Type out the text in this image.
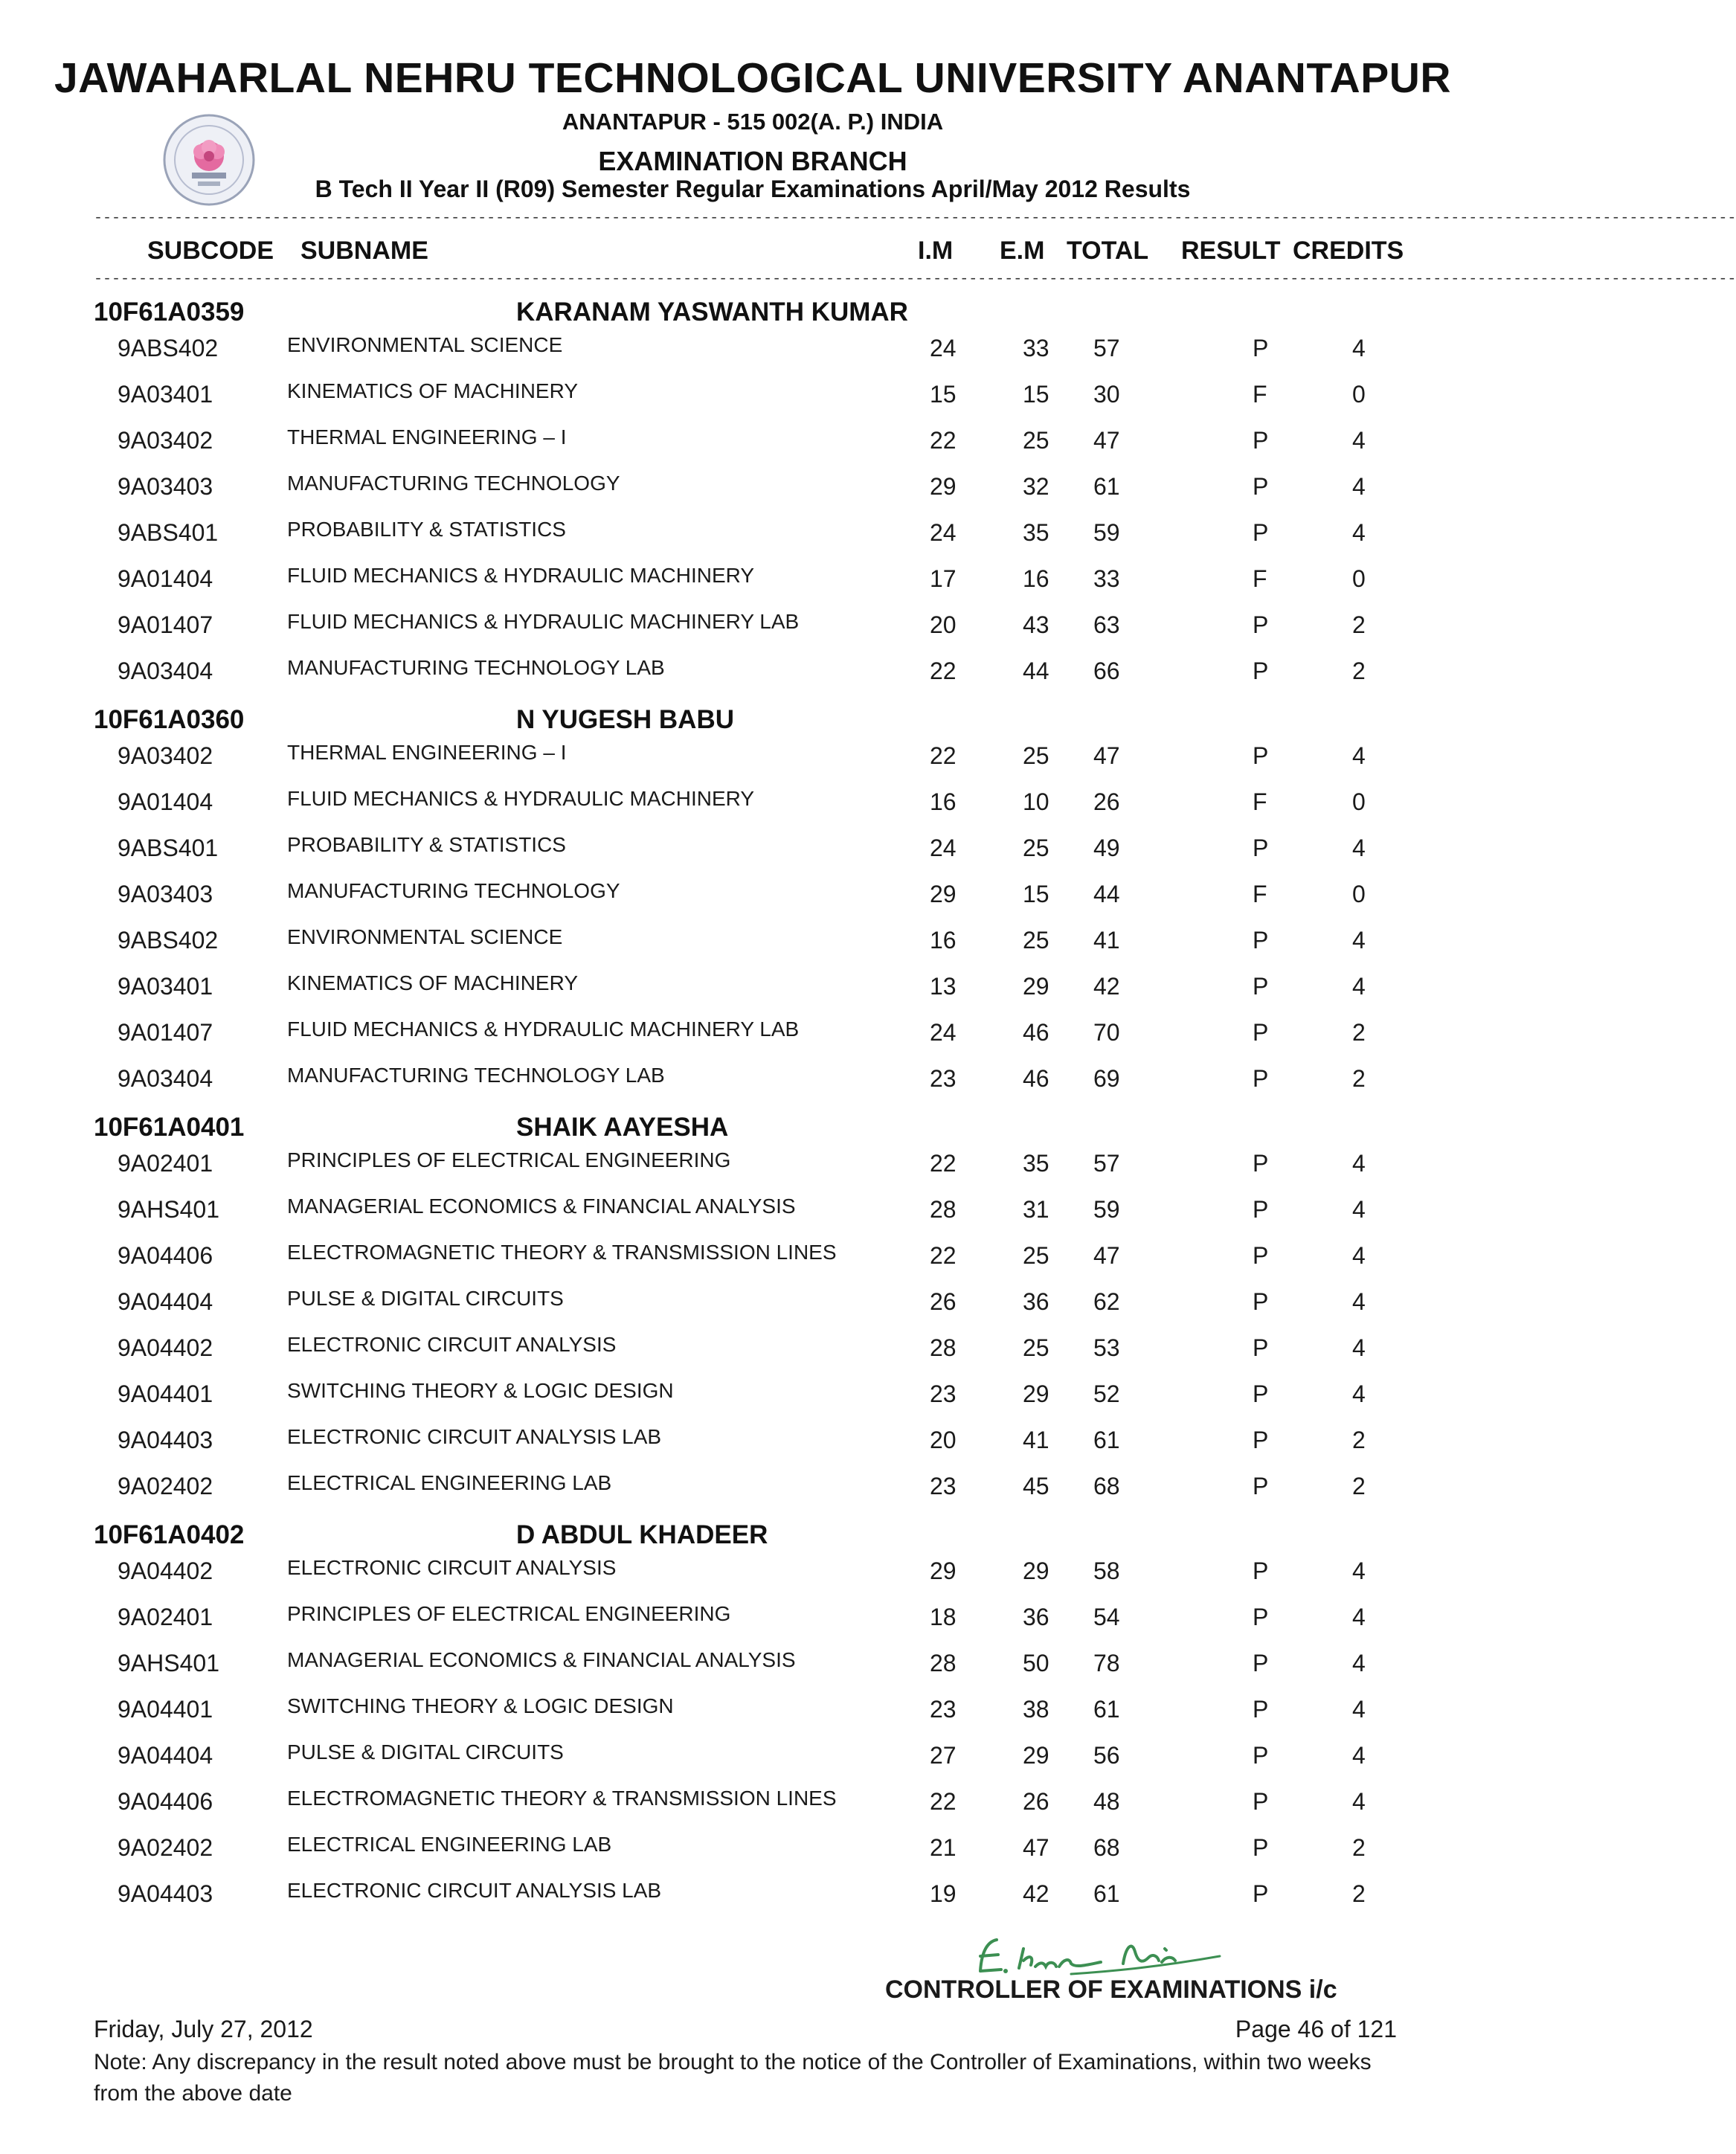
JAWAHARLAL NEHRU TECHNOLOGICAL UNIVERSITY ANANTAPUR
ANANTAPUR - 515 002(A. P.) INDIA
EXAMINATION BRANCH
B Tech II Year II (R09) Semester Regular Examinations April/May 2012 Results
----------------------------------------------------------------------------------------------------------------------------------------------------------------------------------------
SUBCODE SUBNAME	I.M E.M TOTAL RESULT CREDITS
----------------------------------------------------------------------------------------------------------------------------------------------------------------------------------------
10F61A0359	KARANAM YASWANTH KUMAR
9ABS402	ENVIRONMENTAL SCIENCE	24	33 57	P	4
9A03401	KINEMATICS OF MACHINERY	15	15 30	F	0
9A03402	THERMAL ENGINEERING – I	22	25 47	P	4
9A03403	MANUFACTURING TECHNOLOGY	29	32 61	P	4
9ABS401	PROBABILITY & STATISTICS	24	35 59	P	4
9A01404	FLUID MECHANICS & HYDRAULIC MACHINERY	17	16 33	F	0
9A01407	FLUID MECHANICS & HYDRAULIC MACHINERY LAB	20	43 63	P	2
9A03404	MANUFACTURING TECHNOLOGY LAB	22	44 66	P	2
10F61A0360	N YUGESH BABU
9A03402	THERMAL ENGINEERING – I	22	25 47	P	4
9A01404	FLUID MECHANICS & HYDRAULIC MACHINERY	16	10 26	F	0
9ABS401	PROBABILITY & STATISTICS	24	25 49	P	4
9A03403	MANUFACTURING TECHNOLOGY	29	15 44	F	0
9ABS402	ENVIRONMENTAL SCIENCE	16	25 41	P	4
9A03401	KINEMATICS OF MACHINERY	13	29 42	P	4
9A01407	FLUID MECHANICS & HYDRAULIC MACHINERY LAB	24	46 70	P	2
9A03404	MANUFACTURING TECHNOLOGY LAB	23	46 69	P	2
10F61A0401	SHAIK AAYESHA
9A02401	PRINCIPLES OF ELECTRICAL ENGINEERING	22	35 57	P	4
9AHS401	MANAGERIAL ECONOMICS & FINANCIAL ANALYSIS	28	31 59	P	4
9A04406	ELECTROMAGNETIC THEORY & TRANSMISSION LINES	22	25 47	P	4
9A04404	PULSE & DIGITAL CIRCUITS	26	36 62	P	4
9A04402	ELECTRONIC CIRCUIT ANALYSIS	28	25 53	P	4
9A04401	SWITCHING THEORY & LOGIC DESIGN	23	29 52	P	4
9A04403	ELECTRONIC CIRCUIT ANALYSIS LAB	20	41 61	P	2
9A02402	ELECTRICAL ENGINEERING LAB	23	45 68	P	2
10F61A0402	D ABDUL KHADEER
9A04402	ELECTRONIC CIRCUIT ANALYSIS	29	29 58	P	4
9A02401	PRINCIPLES OF ELECTRICAL ENGINEERING	18	36 54	P	4
9AHS401	MANAGERIAL ECONOMICS & FINANCIAL ANALYSIS	28	50 78	P	4
9A04401	SWITCHING THEORY & LOGIC DESIGN	23	38 61	P	4
9A04404	PULSE & DIGITAL CIRCUITS	27	29 56	P	4
9A04406	ELECTROMAGNETIC THEORY & TRANSMISSION LINES	22	26 48	P	4
9A02402	ELECTRICAL ENGINEERING LAB	21	47 68	P	2
9A04403	ELECTRONIC CIRCUIT ANALYSIS LAB	19	42 61	P	2
CONTROLLER OF EXAMINATIONS i/c
Friday, July 27, 2012	Page 46 of 121
Note: Any discrepancy in the result noted above must be brought to the notice of the Controller of Examinations, within two weeks from the above date
